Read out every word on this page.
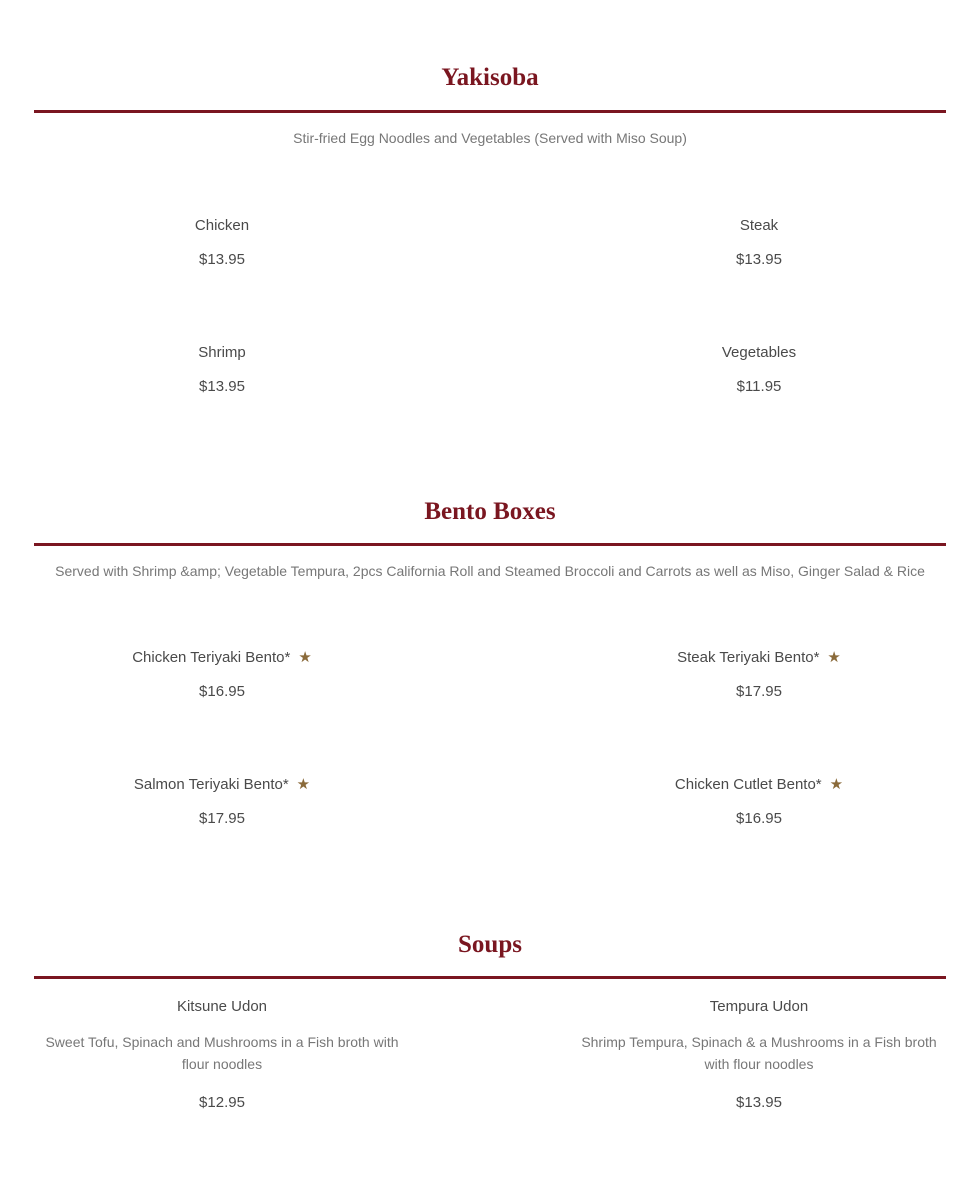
Yakisoba
Stir-fried Egg Noodles and Vegetables (Served with Miso Soup)
Chicken
$13.95
Steak
$13.95
Shrimp
$13.95
Vegetables
$11.95
Bento Boxes
Served with Shrimp &amp; Vegetable Tempura, 2pcs California Roll and Steamed Broccoli and Carrots as well as Miso, Ginger Salad & Rice
Chicken Teriyaki Bento* ★
$16.95
Steak Teriyaki Bento* ★
$17.95
Salmon Teriyaki Bento* ★
$17.95
Chicken Cutlet Bento* ★
$16.95
Soups
Kitsune Udon
Sweet Tofu, Spinach and Mushrooms in a Fish broth with flour noodles
$12.95
Tempura Udon
Shrimp Tempura, Spinach & a Mushrooms in a Fish broth with flour noodles
$13.95
